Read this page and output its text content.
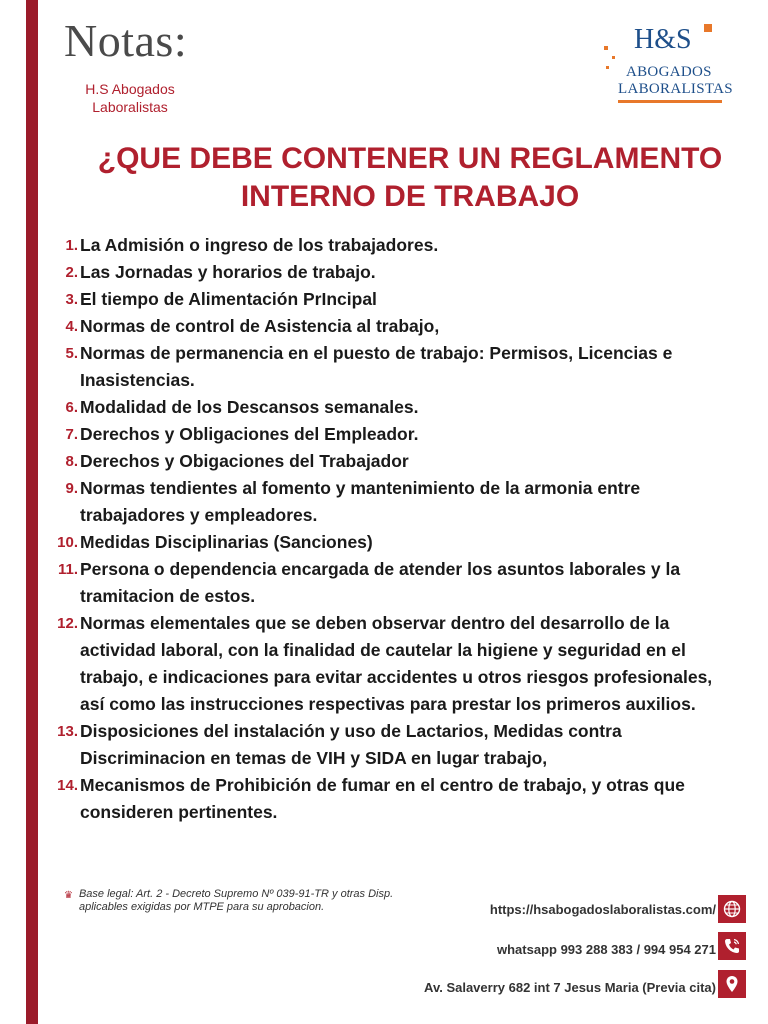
Notas:
H.S Abogados
Laboralistas
H&S
ABOGADOS
LABORALISTAS
¿QUE DEBE CONTENER UN REGLAMENTO
INTERNO DE TRABAJO
1. La Admisión o ingreso de los trabajadores.
2. Las Jornadas y horarios de trabajo.
3. El tiempo de Alimentación PrIncipal
4. Normas de control de Asistencia al trabajo,
5. Normas de permanencia en el puesto de trabajo: Permisos, Licencias e Inasistencias.
6. Modalidad de los Descansos semanales.
7. Derechos y Obligaciones del Empleador.
8. Derechos y Obigaciones del Trabajador
9. Normas tendientes al fomento y mantenimiento de la armonia entre trabajadores y empleadores.
10. Medidas Disciplinarias (Sanciones)
11. Persona o dependencia encargada de atender los asuntos laborales y la tramitacion de estos.
12. Normas elementales que se deben observar dentro del desarrollo de la actividad laboral, con la finalidad de cautelar la higiene y seguridad en el trabajo, e indicaciones para evitar accidentes u otros riesgos profesionales, así como las instrucciones respectivas para prestar los primeros auxilios.
13. Disposiciones del instalación y uso de Lactarios, Medidas contra Discriminacion en temas de VIH y SIDA en lugar trabajo,
14. Mecanismos de Prohibición de fumar en el centro de trabajo, y otras que consideren pertinentes.
♛ Base legal: Art. 2 - Decreto Supremo Nº 039-91-TR y otras Disp. aplicables exigidas por MTPE para su aprobacion.	https://hsabogadoslaboralistas.com/
whatsapp 993 288 383 / 994 954 271
Av. Salaverry 682 int 7 Jesus Maria (Previa cita)
